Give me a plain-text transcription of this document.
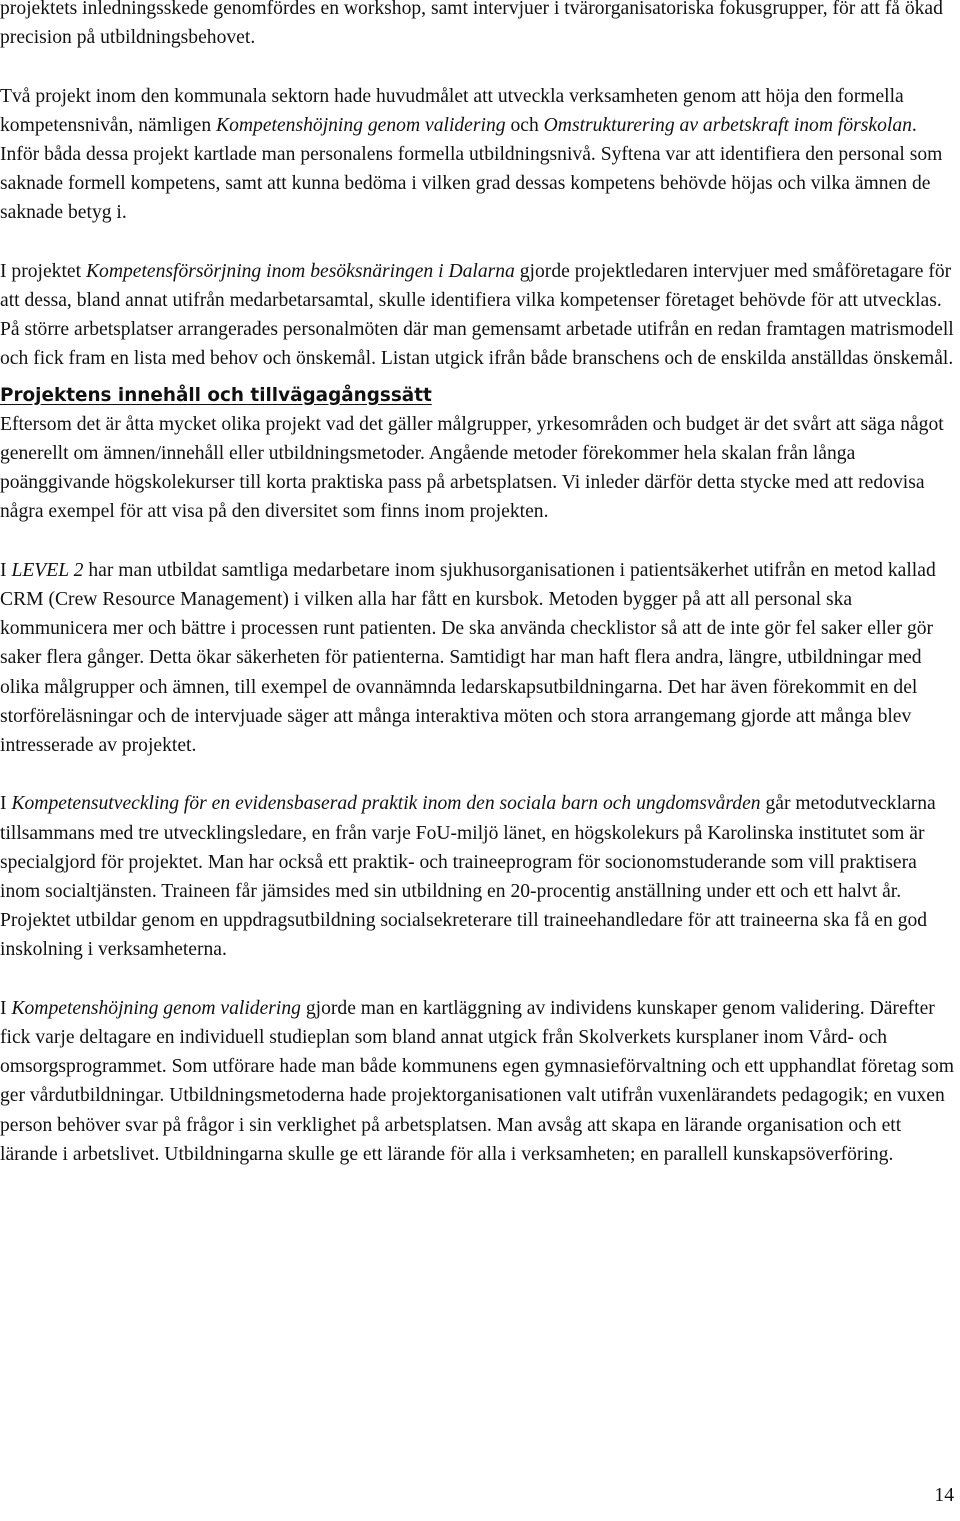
projektets inledningsskede genomfördes en workshop, samt intervjuer i tvärorganisatoriska fokusgrupper, för att få ökad precision på utbildningsbehovet.

Två projekt inom den kommunala sektorn hade huvudmålet att utveckla verksamheten genom att höja den formella kompetensnivån, nämligen Kompetenshöjning genom validering och Omstrukturering av arbetskraft inom förskolan. Inför båda dessa projekt kartlade man personalens formella utbildningsnivå. Syftena var att identifiera den personal som saknade formell kompetens, samt att kunna bedöma i vilken grad dessas kompetens behövde höjas och vilka ämnen de saknade betyg i.

I projektet Kompetensförsörjning inom besöksnäringen i Dalarna gjorde projektledaren intervjuer med småföretagare för att dessa, bland annat utifrån medarbetarsamtal, skulle identifiera vilka kompetenser företaget behövde för att utvecklas. På större arbetsplatser arrangerades personalmöten där man gemensamt arbetade utifrån en redan framtagen matrismodell och fick fram en lista med behov och önskemål. Listan utgick ifrån både branschens och de enskilda anställdas önskemål.

Projektens innehåll och tillvägagångssätt

Eftersom det är åtta mycket olika projekt vad det gäller målgrupper, yrkesområden och budget är det svårt att säga något generellt om ämnen/innehåll eller utbildningsmetoder. Angående metoder förekommer hela skalan från långa poänggivande högskolekurser till korta praktiska pass på arbetsplatsen. Vi inleder därför detta stycke med att redovisa några exempel för att visa på den diversitet som finns inom projekten.

I LEVEL 2 har man utbildat samtliga medarbetare inom sjukhusorganisationen i patientsäkerhet utifrån en metod kallad CRM (Crew Resource Management) i vilken alla har fått en kursbok. Metoden bygger på att all personal ska kommunicera mer och bättre i processen runt patienten. De ska använda checklistor så att de inte gör fel saker eller gör saker flera gånger. Detta ökar säkerheten för patienterna. Samtidigt har man haft flera andra, längre, utbildningar med olika målgrupper och ämnen, till exempel de ovannämnda ledarskapsutbildningarna. Det har även förekommit en del storföreläsningar och de intervjuade säger att många interaktiva möten och stora arrangemang gjorde att många blev intresserade av projektet.

I Kompetensutveckling för en evidensbaserad praktik inom den sociala barn och ungdomsvården går metodutvecklarna tillsammans med tre utvecklingsledare, en från varje FoU-miljö länet, en högskolekurs på Karolinska institutet som är specialgjord för projektet. Man har också ett praktik- och traineeprogram för socionomstuderande som vill praktisera inom socialtjänsten. Traineen får jämsides med sin utbildning en 20-procentig anställning under ett och ett halvt år. Projektet utbildar genom en uppdragsutbildning socialsekreterare till traineehandledare för att traineerna ska få en god inskolning i verksamheterna.

I Kompetenshöjning genom validering gjorde man en kartläggning av individens kunskaper genom validering. Därefter fick varje deltagare en individuell studieplan som bland annat utgick från Skolverkets kursplaner inom Vård- och omsorgsprogrammet. Som utförare hade man både kommunens egen gymnasieförvaltning och ett upphandlat företag som ger vårdutbildningar. Utbildningsmetoderna hade projektorganisationen valt utifrån vuxenlärandets pedagogik; en vuxen person behöver svar på frågor i sin verklighet på arbetsplatsen. Man avsåg att skapa en lärande organisation och ett lärande i arbetslivet. Utbildningarna skulle ge ett lärande för alla i verksamheten; en parallell kunskapsöverföring.

14
